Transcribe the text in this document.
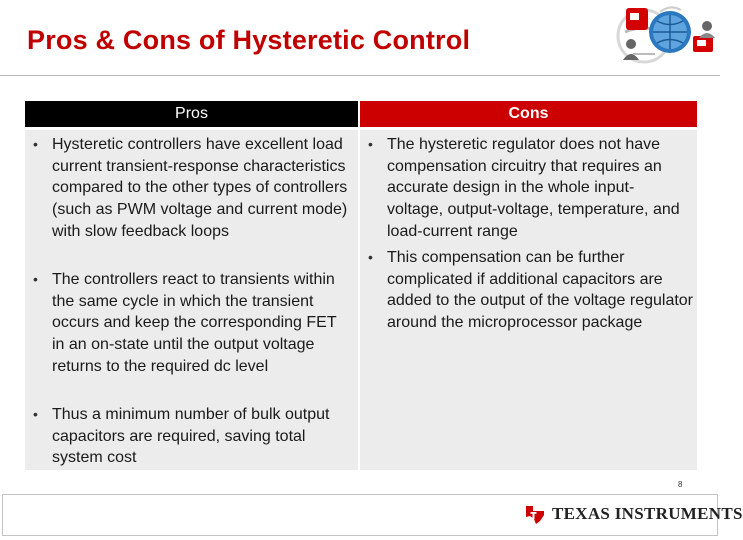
Pros & Cons of Hysteretic Control
Pros	Cons
• Hysteretic controllers have excellent load current transient-response characteristics compared to the other types of controllers (such as PWM voltage and current mode) with slow feedback loops
• The controllers react to transients within the same cycle in which the transient occurs and keep the corresponding FET in an on-state until the output voltage returns to the required dc level
• Thus a minimum number of bulk output capacitors are required, saving total system cost
• The hysteretic regulator does not have compensation circuitry that requires an accurate design in the whole input-voltage, output-voltage, temperature, and load-current range
• This compensation can be further complicated if additional capacitors are added to the output of the voltage regulator around the microprocessor package
8
TEXAS INSTRUMENTS
